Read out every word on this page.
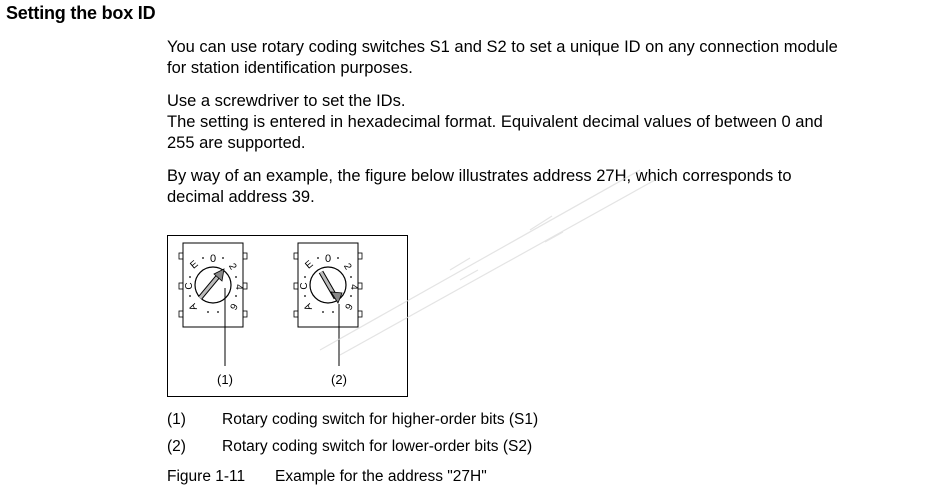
Setting the box ID
You can use rotary coding switches S1 and S2 to set a unique ID on any connection module
for station identification purposes.
Use a screwdriver to set the IDs.
The setting is entered in hexadecimal format. Equivalent decimal values of between 0 and
255 are supported.
By way of an example, the figure below illustrates address 27H, which corresponds to
decimal address 39.
0
2
4
6
E
C
A
(1)
0
2
4
6
E
C
A
(2)
(1) Rotary coding switch for higher-order bits (S1)
(2) Rotary coding switch for lower-order bits (S2)
Figure 1-11 Example for the address "27H"
